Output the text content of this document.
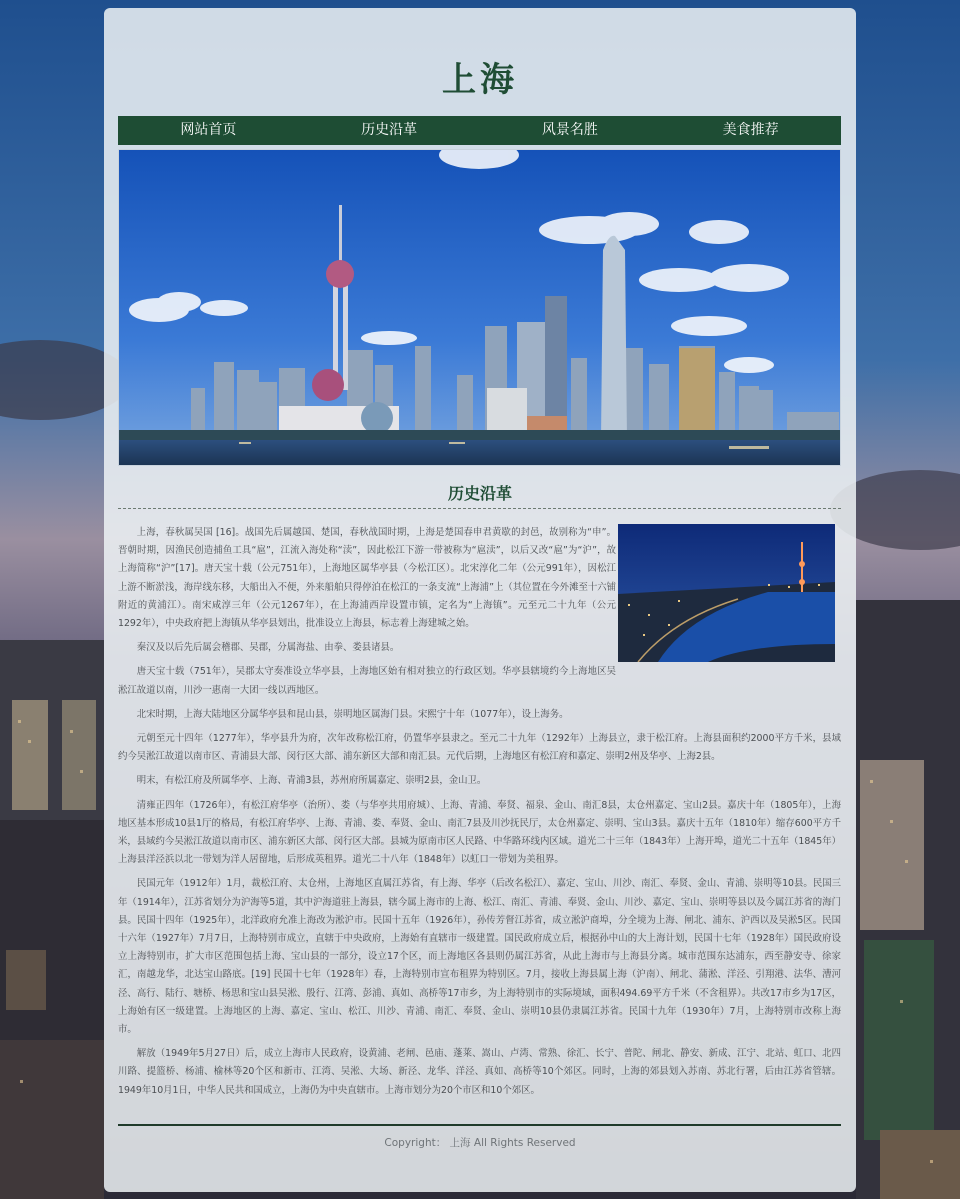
上海
网站首页	历史沿革	风景名胜	美食推荐
历史沿革

上海，春秋属吴国 [16]。战国先后属越国、楚国，春秋战国时期，上海是楚国春申君黄歇的封邑，故别称为“申”。晋朝时期，因渔民创造捕鱼工具“扈”，江流入海处称“渎”，因此松江下游一带被称为“扈渎”，以后又改“扈”为“沪”，故上海简称“沪”[17]。唐天宝十载（公元751年），上海地区属华亭县（今松江区）。北宋淳化二年（公元991年），因松江上游不断淤浅，海岸线东移，大船出入不便，外来船舶只得停泊在松江的一条支流“上海浦”上（其位置在今外滩至十六铺附近的黄浦江）。南宋咸淳三年（公元1267年），在上海浦西岸设置市镇，定名为“上海镇”。元至元二十九年（公元1292年），中央政府把上海镇从华亭县划出，批准设立上海县，标志着上海建城之始。

秦汉及以后先后属会稽郡、吴郡，分属海盐、由拳、娄县诸县。

唐天宝十载（751年），吴郡太守奏准设立华亭县，上海地区始有相对独立的行政区划。华亭县辖境约今上海地区吴淞江故道以南，川沙一惠南一大团一线以西地区。

北宋时期，上海大陆地区分属华亭县和昆山县，崇明地区属海门县。宋熙宁十年（1077年），设上海务。

元朝至元十四年（1277年），华亭县升为府，次年改称松江府，仍置华亭县隶之。至元二十九年（1292年）上海县立，隶于松江府。上海县面积约2000平方千米，县域约今吴淞江故道以南市区、青浦县大部、闵行区大部、浦东新区大部和南汇县。元代后期，上海地区有松江府和嘉定、崇明2州及华亭、上海2县。

明末，有松江府及所属华亭、上海、青浦3县，苏州府所属嘉定、崇明2县，金山卫。

清雍正四年（1726年），有松江府华亭（治所）、娄（与华亭共用府城）、上海、青浦、奉贤、福泉、金山、南汇8县，太仓州嘉定、宝山2县。嘉庆十年（1805年），上海地区基本形成10县1厅的格局，有松江府华亭、上海、青浦、娄、奉贤、金山、南汇7县及川沙抚民厅，太仓州嘉定、崇明、宝山3县。嘉庆十五年（1810年）缩存600平方千米，县域约今吴淞江故道以南市区、浦东新区大部、闵行区大部。县城为原南市区人民路、中华路环线内区域。道光二十三年（1843年）上海开埠，道光二十五年（1845年）上海县洋泾浜以北一带划为洋人居留地，后形成英租界。道光二十八年（1848年）以虹口一带划为美租界。

民国元年（1912年）1月，裁松江府、太仓州，上海地区直属江苏省，有上海、华亭（后改名松江）、嘉定、宝山、川沙、南汇、奉贤、金山、青浦、崇明等10县。民国三年（1914年），江苏省划分为沪海等5道，其中沪海道驻上海县，辖今属上海市的上海、松江、南汇、青浦、奉贤、金山、川沙、嘉定、宝山、崇明等县以及今属江苏省的海门县。民国十四年（1925年），北洋政府允准上海改为淞沪市。民国十五年（1926年），孙传芳督江苏省，成立淞沪商埠，分全境为上海、闸北、浦东、沪西以及吴淞5区。民国十六年（1927年）7月7日，上海特别市成立，直辖于中央政府，上海始有直辖市一级建置。国民政府成立后，根据孙中山的大上海计划，民国十七年（1928年）国民政府设立上海特别市，扩大市区范围包括上海、宝山县的一部分，设立17个区，而上海地区各县则仍属江苏省，从此上海市与上海县分离。城市范围东达浦东，西至静安寺、徐家汇，南越龙华，北达宝山路底。[19] 民国十七年（1928年）春，上海特别市宣布租界为特别区。7月，接收上海县属上海（沪南）、闸北、蒲淞、洋泾、引翔港、法华、漕河泾、高行、陆行、塘桥、杨思和宝山县吴淞、殷行、江湾、彭浦、真如、高桥等17市乡，为上海特别市的实际境域，面积494.69平方千米（不含租界）。共改17市乡为17区，上海始有区一级建置。上海地区的上海、嘉定、宝山、松江、川沙、青浦、南汇、奉贤、金山、崇明10县仍隶属江苏省。民国十九年（1930年）7月，上海特别市改称上海市。

解放（1949年5月27日）后，成立上海市人民政府，设黄浦、老闸、邑庙、蓬莱、嵩山、卢湾、常熟、徐汇、长宁、普陀、闸北、静安、新成、江宁、北站、虹口、北四川路、提篮桥、杨浦、榆林等20个区和新市、江湾、吴淞、大场、新泾、龙华、洋泾、真如、高桥等10个郊区。同时，上海的郊县划入苏南、苏北行署，后由江苏省管辖。1949年10月1日，中华人民共和国成立，上海仍为中央直辖市。上海市划分为20个市区和10个郊区。

Copyright： 上海 All Rights Reserved
